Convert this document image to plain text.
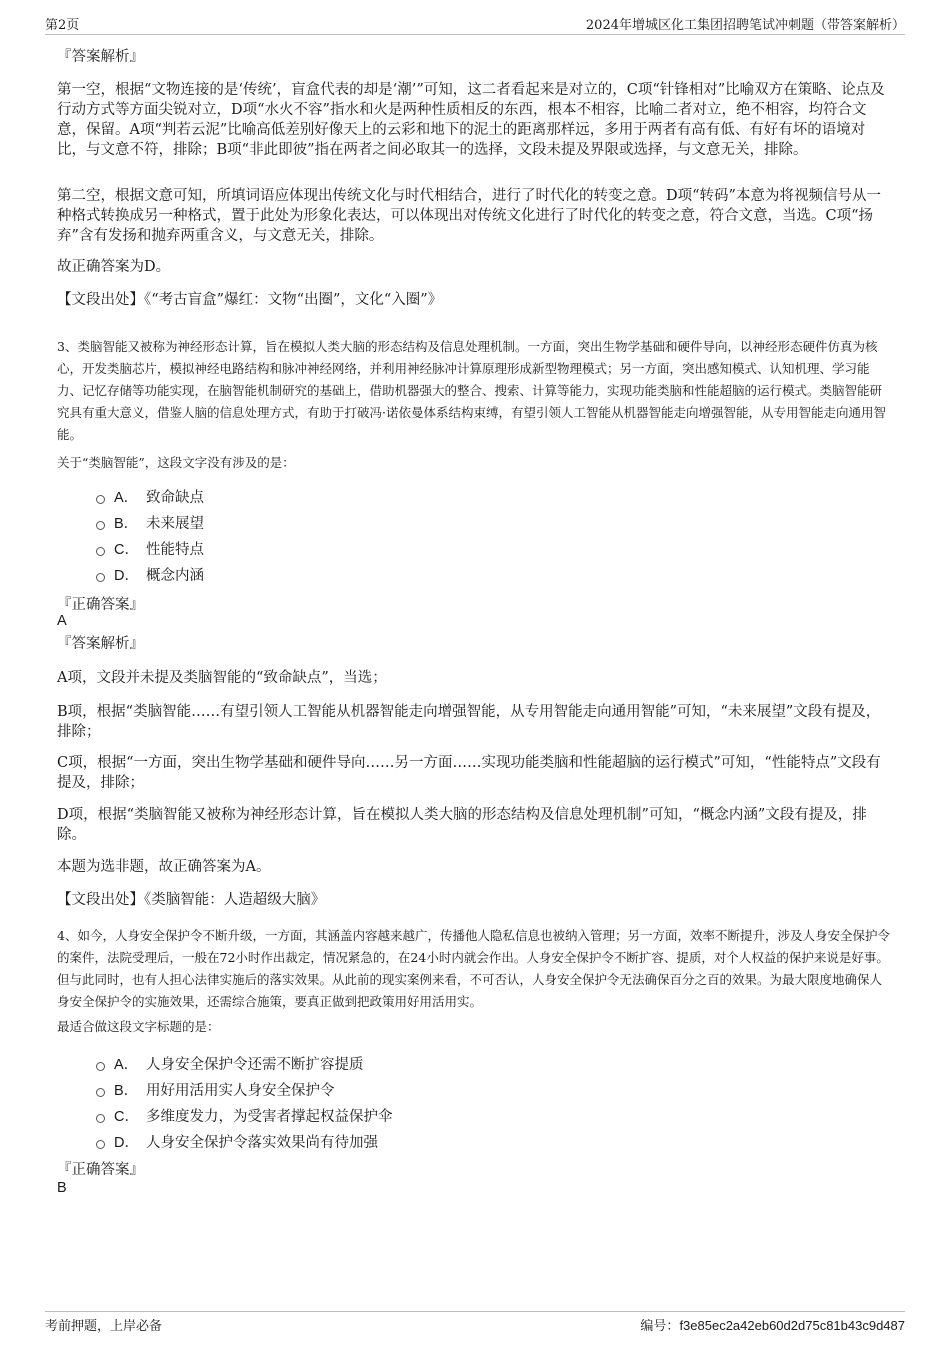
第2页	2024年增城区化工集团招聘笔试冲刺题（带答案解析）
『答案解析』
第一空，根据“文物连接的是‘传统’，盲盒代表的却是‘潮’”可知，这二者看起来是对立的，C项“针锋相对”比喻双方在策略、论点及行动方式等方面尖锐对立，D项“水火不容”指水和火是两种性质相反的东西，根本不相容，比喻二者对立，绝不相容，均符合文意，保留。A项“判若云泥”比喻高低差别好像天上的云彩和地下的泥土的距离那样远，多用于两者有高有低、有好有坏的语境对比，与文意不符，排除；B项“非此即彼”指在两者之间必取其一的选择，文段未提及界限或选择，与文意无关，排除。
第二空，根据文意可知，所填词语应体现出传统文化与时代相结合，进行了时代化的转变之意。D项“转码”本意为将视频信号从一种格式转换成另一种格式，置于此处为形象化表达，可以体现出对传统文化进行了时代化的转变之意，符合文意，当选。C项“扬弃”含有发扬和抛弃两重含义，与文意无关，排除。
故正确答案为D。
【文段出处】《“考古盲盒”爆红：文物“出圈”，文化“入圈”》
3、类脑智能又被称为神经形态计算，旨在模拟人类大脑的形态结构及信息处理机制。一方面，突出生物学基础和硬件导向，以神经形态硬件仿真为核心，开发类脑芯片，模拟神经电路结构和脉冲神经网络，并利用神经脉冲计算原理形成新型物理模式；另一方面，突出感知模式、认知机理、学习能力、记忆存储等功能实现，在脑智能机制研究的基础上，借助机器强大的整合、搜索、计算等能力，实现功能类脑和性能超脑的运行模式。类脑智能研究具有重大意义，借鉴人脑的信息处理方式，有助于打破冯·诺依曼体系结构束缚，有望引领人工智能从机器智能走向增强智能，从专用智能走向通用智能。
关于“类脑智能”，这段文字没有涉及的是：
A． 致命缺点
B． 未来展望
C． 性能特点
D． 概念内涵
『正确答案』
A
『答案解析』
A项，文段并未提及类脑智能的“致命缺点”，当选；
B项，根据“类脑智能……有望引领人工智能从机器智能走向增强智能，从专用智能走向通用智能”可知，“未来展望”文段有提及，排除；
C项，根据“一方面，突出生物学基础和硬件导向……另一方面……实现功能类脑和性能超脑的运行模式”可知，“性能特点”文段有提及，排除；
D项，根据“类脑智能又被称为神经形态计算，旨在模拟人类大脑的形态结构及信息处理机制”可知，“概念内涵”文段有提及，排除。
本题为选非题，故正确答案为A。
【文段出处】《类脑智能：人造超级大脑》
4、如今，人身安全保护令不断升级，一方面，其涵盖内容越来越广，传播他人隐私信息也被纳入管理；另一方面，效率不断提升，涉及人身安全保护令的案件，法院受理后，一般在72小时作出裁定，情况紧急的，在24小时内就会作出。人身安全保护令不断扩容、提质，对个人权益的保护来说是好事。但与此同时，也有人担心法律实施后的落实效果。从此前的现实案例来看，不可否认，人身安全保护令无法确保百分之百的效果。为最大限度地确保人身安全保护令的实施效果，还需综合施策，要真正做到把政策用好用活用实。
最适合做这段文字标题的是：
A． 人身安全保护令还需不断扩容提质
B． 用好用活用实人身安全保护令
C． 多维度发力，为受害者撑起权益保护伞
D． 人身安全保护令落实效果尚有待加强
『正确答案』
B
考前押题，上岸必备	编号：f3e85ec2a42eb60d2d75c81b43c9d487
